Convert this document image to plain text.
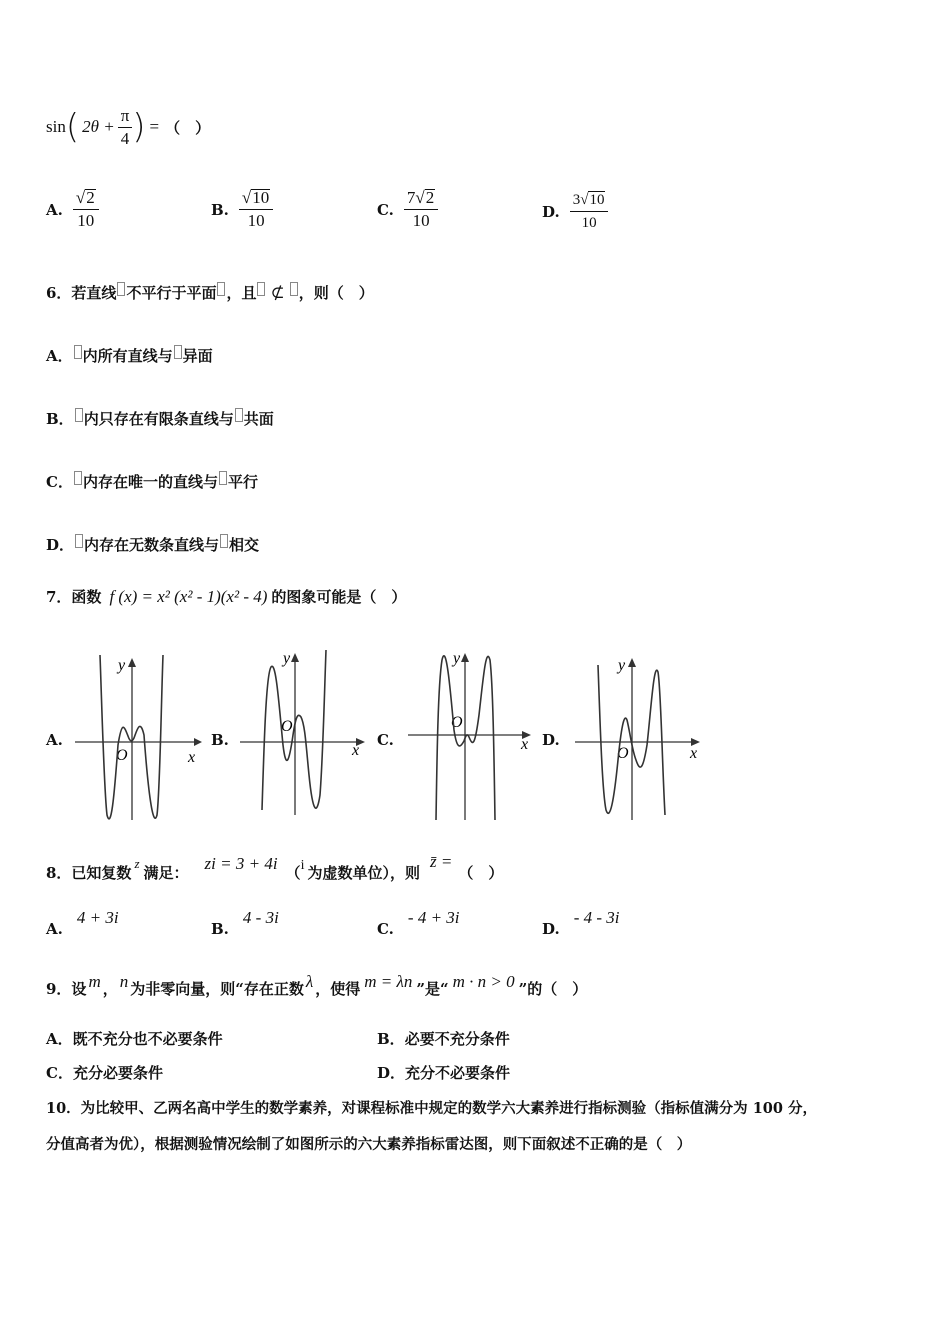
sin ( $2\theta + \frac{\pi}{4}$ ) = （　）
A. $\frac{√2}{10}$	B. $\frac{√10}{10}$	C. $\frac{7√2}{10}$	D. $\frac{3√10}{10}$
6．若直线 不平行于平面 ，且 ⊄ ，则（　）
A． 内所有直线与 异面
B． 内只存在有限条直线与 共面
C． 内存在唯一的直线与 平行
D． 内存在无数条直线与 相交
7．函数 f (x) = x² (x² - 1)(x² - 4) 的图象可能是（　）
A.
y
x
O
B.
y
x
O
C.
y
x
O
D.
y
x
O
8．已知复数
z
满足： zi = 3 + 4i （ i 为虚数单位），则
z̄ =
（　）
A.
4 + 3i
B.
4 - 3i
C.
- 4 + 3i
D.
- 4 - 3i
9．设 m ， n 为非零向量，则“存在正数 λ ，使得 m = λn ”是“ m · n > 0 ”的（　）
A．既不充分也不必要条件	B．必要不充分条件
C．充分必要条件	D．充分不必要条件
10．为比较甲、乙两名高中学生的数学素养，对课程标准中规定的数学六大素养进行指标测验（指标值满分为 100 分，
分值高者为优），根据测验情况绘制了如图所示的六大素养指标雷达图，则下面叙述不正确的是（　）
